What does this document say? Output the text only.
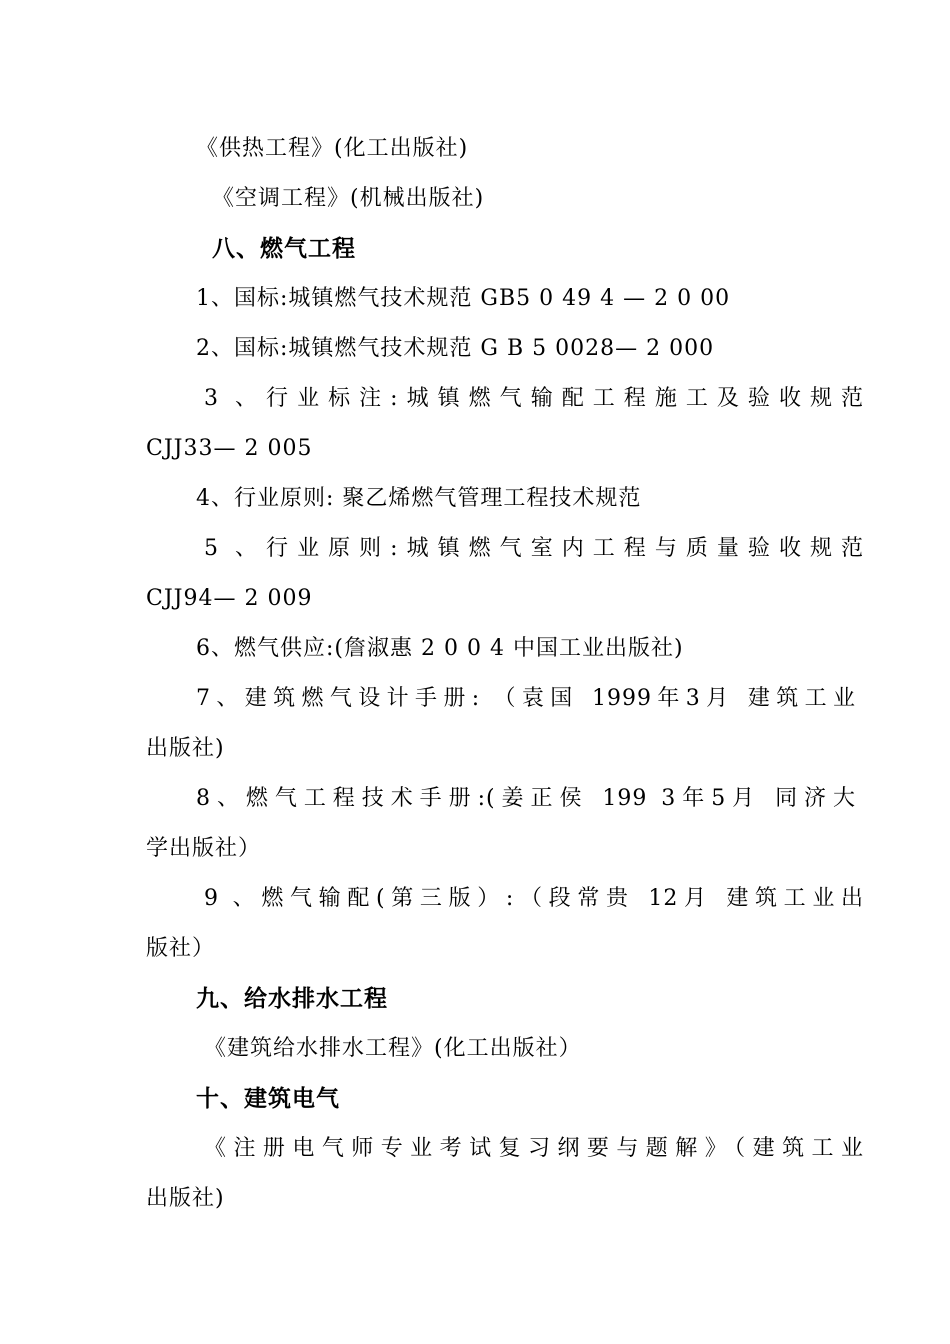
《供热工程》(化工出版社)
《空调工程》(机械出版社)
八、燃气工程
1、国标:城镇燃气技术规范 GB5 0 49 4 — 2 0 00
2、国标:城镇燃气技术规范 G B 5 0028— 2 000
3 、行业标注:城镇燃气输配工程施工及验收规范
CJJ33— 2 005
4、行业原则: 聚乙烯燃气管理工程技术规范
5 、行业原则:城镇燃气室内工程与质量验收规范
CJJ94— 2 009
6、燃气供应:(詹淑惠 2 0 0 4 中国工业出版社)
7、建筑燃气设计手册: （袁国 1999年3月 建筑工业
出版社)
8、燃气工程技术手册:(姜正侯 199 3年5月 同济大
学出版社）
9 、燃气输配(第三版）:（段常贵 12月 建筑工业出
版社）
九、给水排水工程
《建筑给水排水工程》(化工出版社）
十、建筑电气
《注册电气师专业考试复习纲要与题解》（建筑工业
出版社)
